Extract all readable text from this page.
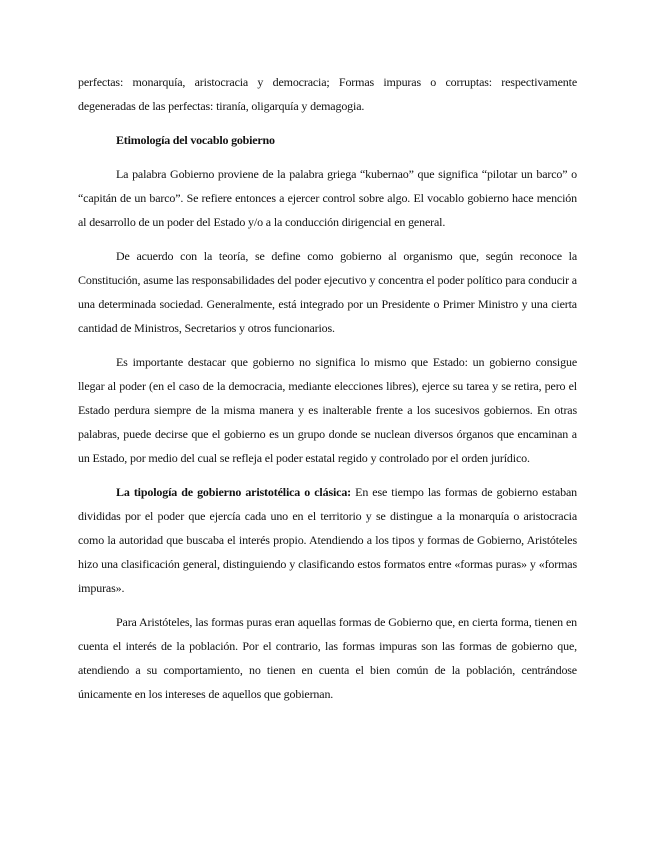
perfectas: monarquía, aristocracia y democracia; Formas impuras o corruptas: respectivamente degeneradas de las perfectas: tiranía, oligarquía y demagogia.

Etimología del vocablo gobierno

La palabra Gobierno proviene de la palabra griega “kubernao” que significa “pilotar un barco” o “capitán de un barco”. Se refiere entonces a ejercer control sobre algo. El vocablo gobierno hace mención al desarrollo de un poder del Estado y/o a la conducción dirigencial en general.

De acuerdo con la teoría, se define como gobierno al organismo que, según reconoce la Constitución, asume las responsabilidades del poder ejecutivo y concentra el poder político para conducir a una determinada sociedad. Generalmente, está integrado por un Presidente o Primer Ministro y una cierta cantidad de Ministros, Secretarios y otros funcionarios.

Es importante destacar que gobierno no significa lo mismo que Estado: un gobierno consigue llegar al poder (en el caso de la democracia, mediante elecciones libres), ejerce su tarea y se retira, pero el Estado perdura siempre de la misma manera y es inalterable frente a los sucesivos gobiernos. En otras palabras, puede decirse que el gobierno es un grupo donde se nuclean diversos órganos que encaminan a un Estado, por medio del cual se refleja el poder estatal regido y controlado por el orden jurídico.

La tipología de gobierno aristotélica o clásica: En ese tiempo las formas de gobierno estaban divididas por el poder que ejercía cada uno en el territorio y se distingue a la monarquía o aristocracia como la autoridad que buscaba el interés propio. Atendiendo a los tipos y formas de Gobierno, Aristóteles hizo una clasificación general, distinguiendo y clasificando estos formatos entre «formas puras» y «formas impuras».

Para Aristóteles, las formas puras eran aquellas formas de Gobierno que, en cierta forma, tienen en cuenta el interés de la población. Por el contrario, las formas impuras son las formas de gobierno que, atendiendo a su comportamiento, no tienen en cuenta el bien común de la población, centrándose únicamente en los intereses de aquellos que gobiernan.
